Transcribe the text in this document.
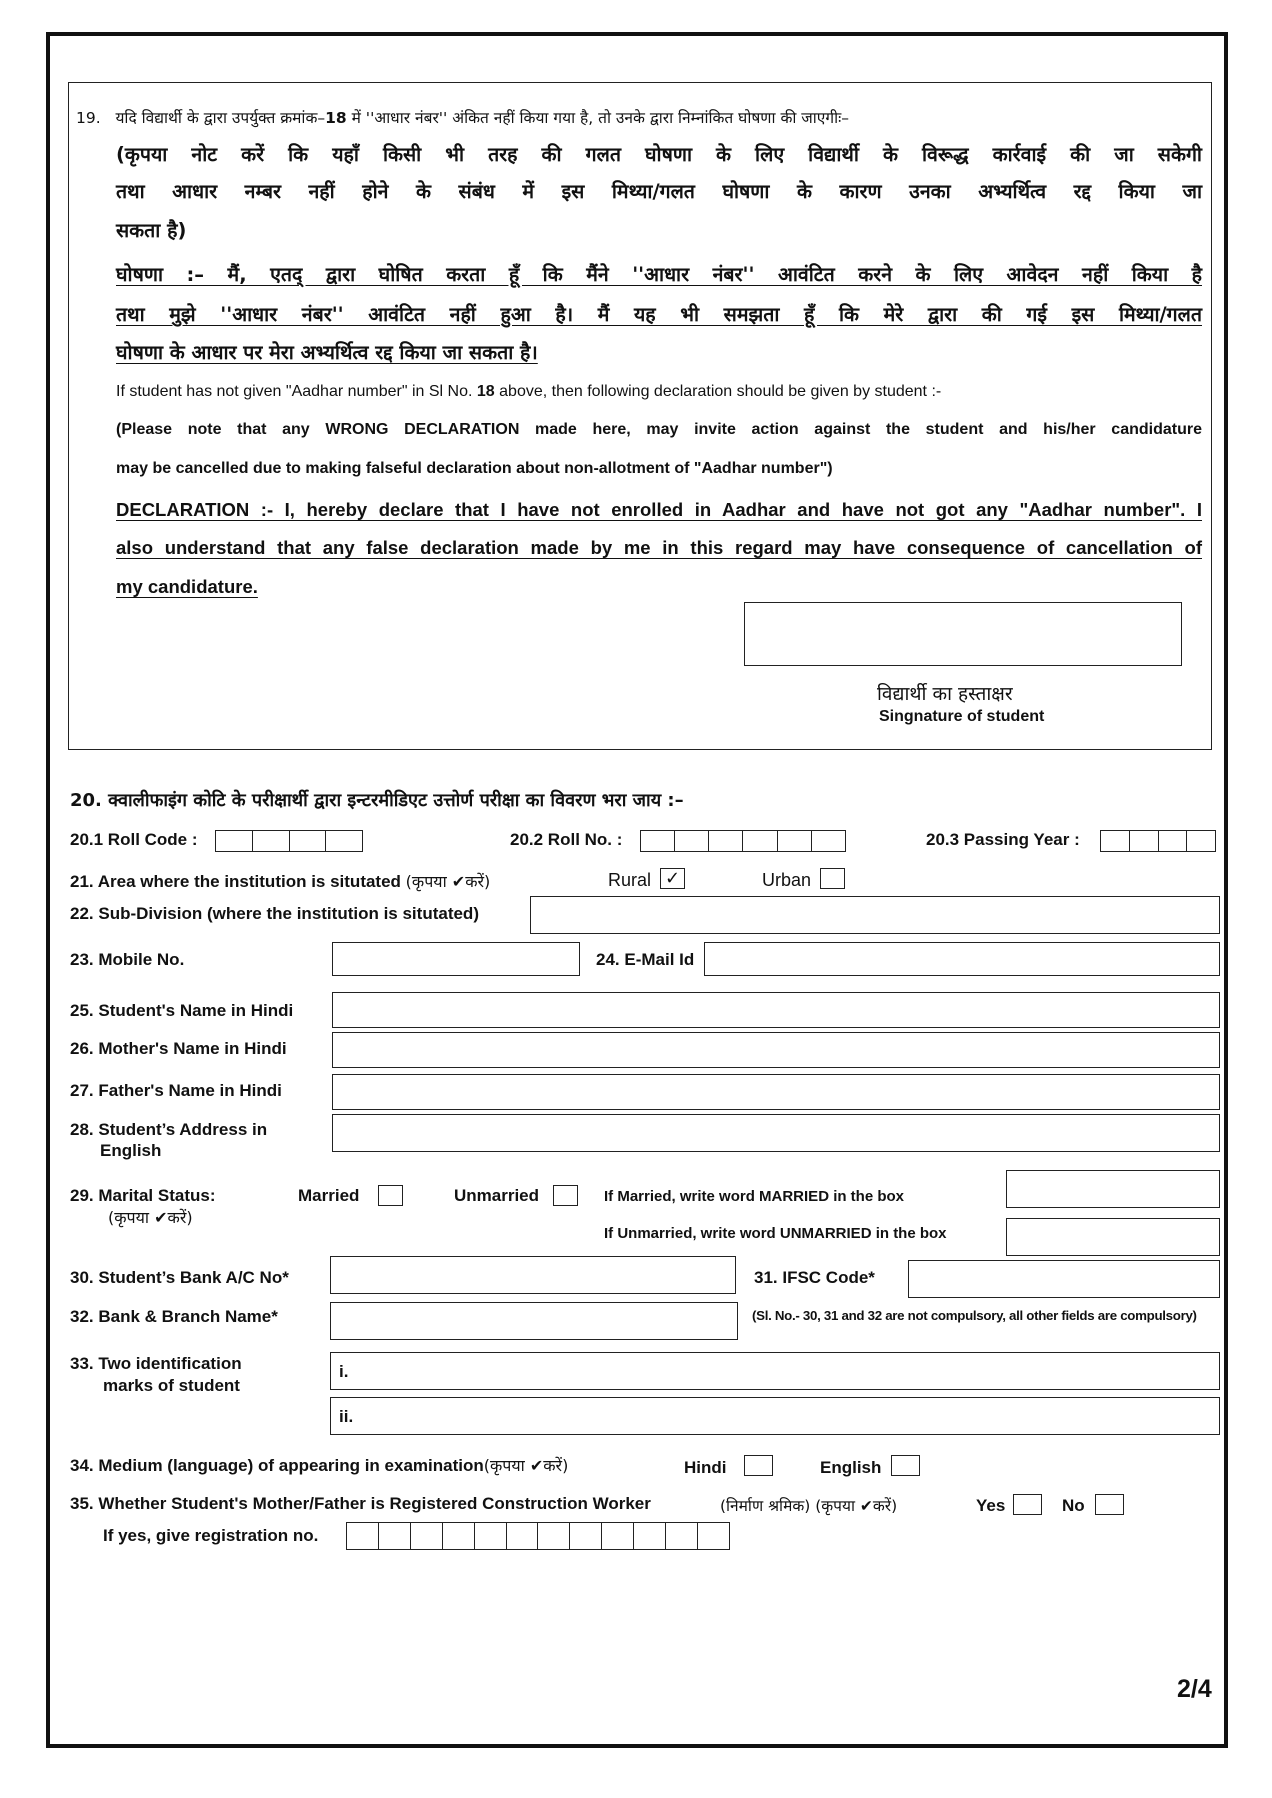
19. यदि विद्यार्थी के द्वारा उपर्युक्त क्रमांक–18 में ''आधार नंबर'' अंकित नहीं किया गया है, तो उनके द्वारा निम्नांकित घोषणा की जाएगीः–
(कृपया नोट करें कि यहाँ किसी भी तरह की गलत घोषणा के लिए विद्यार्थी के विरूद्ध कार्रवाई की जा सकेगी
तथा आधार नम्बर नहीं होने के संबंध में इस मिथ्या/गलत घोषणा के कारण उनका अभ्यर्थित्व रद्द किया जा
सकता है)
घोषणा :– मैं, एतद् द्वारा घोषित करता हूँ कि मैंने ''आधार नंबर'' आवंटित करने के लिए आवेदन नहीं किया है
तथा मुझे ''आधार नंबर'' आवंटित नहीं हुआ है। मैं यह भी समझता हूँ कि मेरे द्वारा की गई इस मिथ्या/गलत
घोषणा के आधार पर मेरा अभ्यर्थित्व रद्द किया जा सकता है।
If student has not given "Aadhar number" in Sl No. 18 above, then following declaration should be given by student :-
(Please note that any WRONG DECLARATION made here, may invite action against the student and his/her candidature
may be cancelled due to making falseful declaration about non-allotment of "Aadhar number")
DECLARATION :- I, hereby declare that I have not enrolled in Aadhar and have not got any "Aadhar number". I
also understand that any false declaration made by me in this regard may have consequence of cancellation of
my candidature.
विद्यार्थी का हस्ताक्षर
Singnature of student
20. क्वालीफाइंग कोटि के परीक्षार्थी द्वारा इन्टरमीडिएट उत्तोर्ण परीक्षा का विवरण भरा जाय :–
20.1 Roll Code :	20.2 Roll No. :	20.3 Passing Year :
21. Area where the institution is situtated (कृपया ✔करें)	Rural ✓	Urban
22. Sub-Division (where the institution is situtated)
23. Mobile No.	24. E-Mail Id
25. Student's Name in Hindi
26. Mother's Name in Hindi
27. Father's Name in Hindi
28. Student’s Address in
English
29. Marital Status:
(कृपया ✔करें)
Married	Unmarried	If Married, write word MARRIED in the box
If Unmarried, write word UNMARRIED in the box
30. Student’s Bank A/C No*	31. IFSC Code*
32. Bank & Branch Name*	(Sl. No.- 30, 31 and 32 are not compulsory, all other fields are compulsory)
33. Two identification
marks of student
i.
ii.
34. Medium (language) of appearing in examination(कृपया ✔करें)	Hindi	English
35. Whether Student's Mother/Father is Registered Construction Worker	(निर्माण श्रमिक) (कृपया ✔करें)	Yes	No
If yes, give registration no.
2/4
